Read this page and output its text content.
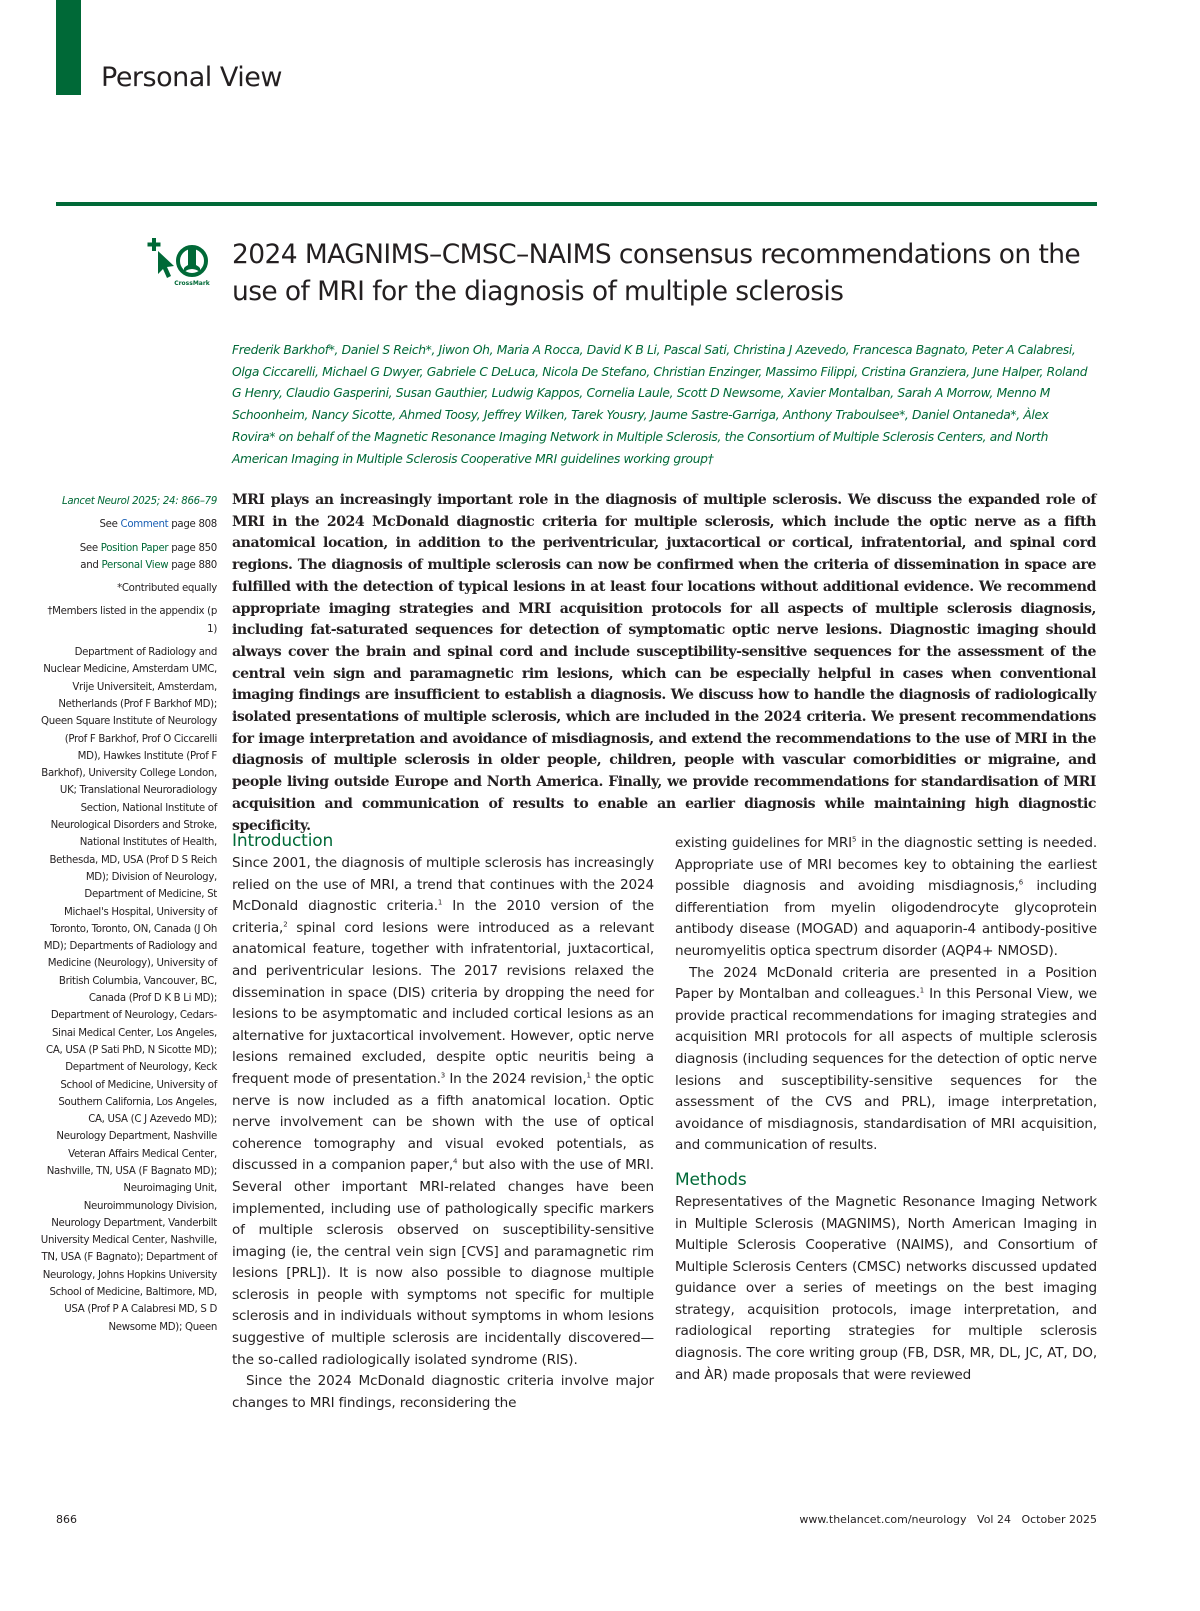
Personal View
CrossMark
2024 MAGNIMS–CMSC–NAIMS consensus recommendations on the use of MRI for the diagnosis of multiple sclerosis
Frederik Barkhof*, Daniel S Reich*, Jiwon Oh, Maria A Rocca, David K B Li, Pascal Sati, Christina J Azevedo, Francesca Bagnato, Peter A Calabresi, Olga Ciccarelli, Michael G Dwyer, Gabriele C DeLuca, Nicola De Stefano, Christian Enzinger, Massimo Filippi, Cristina Granziera, June Halper, Roland G Henry, Claudio Gasperini, Susan Gauthier, Ludwig Kappos, Cornelia Laule, Scott D Newsome, Xavier Montalban, Sarah A Morrow, Menno M Schoonheim, Nancy Sicotte, Ahmed Toosy, Jeffrey Wilken, Tarek Yousry, Jaume Sastre-Garriga, Anthony Traboulsee*, Daniel Ontaneda*, Àlex Rovira* on behalf of the Magnetic Resonance Imaging Network in Multiple Sclerosis, the Consortium of Multiple Sclerosis Centers, and North American Imaging in Multiple Sclerosis Cooperative MRI guidelines working group†

Lancet Neurol 2025; 24: 866–79

See Comment page 808

See Position Paper page 850

and Personal View page 880

*Contributed equally

†Members listed in the appendix (p 1)

Department of Radiology and Nuclear Medicine, Amsterdam UMC, Vrije Universiteit, Amsterdam, Netherlands (Prof F Barkhof MD); Queen Square Institute of Neurology (Prof F Barkhof, Prof O Ciccarelli MD), Hawkes Institute (Prof F Barkhof), University College London, UK; Translational Neuroradiology Section, National Institute of Neurological Disorders and Stroke, National Institutes of Health, Bethesda, MD, USA (Prof D S Reich MD); Division of Neurology, Department of Medicine, St Michael's Hospital, University of Toronto, Toronto, ON, Canada (J Oh MD); Departments of Radiology and Medicine (Neurology), University of British Columbia, Vancouver, BC, Canada (Prof D K B Li MD); Department of Neurology, Cedars-Sinai Medical Center, Los Angeles, CA, USA (P Sati PhD, N Sicotte MD); Department of Neurology, Keck School of Medicine, University of Southern California, Los Angeles, CA, USA (C J Azevedo MD); Neurology Department, Nashville Veteran Affairs Medical Center, Nashville, TN, USA (F Bagnato MD); Neuroimaging Unit, Neuroimmunology Division, Neurology Department, Vanderbilt University Medical Center, Nashville, TN, USA (F Bagnato); Department of Neurology, Johns Hopkins University School of Medicine, Baltimore, MD, USA (Prof P A Calabresi MD, S D Newsome MD); Queen

MRI plays an increasingly important role in the diagnosis of multiple sclerosis. We discuss the expanded role of MRI in the 2024 McDonald diagnostic criteria for multiple sclerosis, which include the optic nerve as a fifth anatomical location, in addition to the periventricular, juxtacortical or cortical, infratentorial, and spinal cord regions. The diagnosis of multiple sclerosis can now be confirmed when the criteria of dissemination in space are fulfilled with the detection of typical lesions in at least four locations without additional evidence. We recommend appropriate imaging strategies and MRI acquisition protocols for all aspects of multiple sclerosis diagnosis, including fat-saturated sequences for detection of symptomatic optic nerve lesions. Diagnostic imaging should always cover the brain and spinal cord and include susceptibility-sensitive sequences for the assessment of the central vein sign and paramagnetic rim lesions, which can be especially helpful in cases when conventional imaging findings are insufficient to establish a diagnosis. We discuss how to handle the diagnosis of radiologically isolated presentations of multiple sclerosis, which are included in the 2024 criteria. We present recommendations for image interpretation and avoidance of misdiagnosis, and extend the recommendations to the use of MRI in the diagnosis of multiple sclerosis in older people, children, people with vascular comorbidities or migraine, and people living outside Europe and North America. Finally, we provide recommendations for standardisation of MRI acquisition and communication of results to enable an earlier diagnosis while maintaining high diagnostic specificity.
Introduction

Since 2001, the diagnosis of multiple sclerosis has increasingly relied on the use of MRI, a trend that continues with the 2024 McDonald diagnostic criteria.$^1$ In the 2010 version of the criteria,$^2$ spinal cord lesions were introduced as a relevant anatomical feature, together with infratentorial, juxtacortical, and periventricular lesions. The 2017 revisions relaxed the dissemination in space (DIS) criteria by dropping the need for lesions to be asymptomatic and included cortical lesions as an alternative for juxtacortical involvement. However, optic nerve lesions remained excluded, despite optic neuritis being a frequent mode of presentation.$^3$ In the 2024 revision,$^1$ the optic nerve is now included as a fifth anatomical location. Optic nerve involvement can be shown with the use of optical coherence tomography and visual evoked potentials, as discussed in a companion paper,$^4$ but also with the use of MRI. Several other important MRI-related changes have been implemented, including use of pathologically specific markers of multiple sclerosis observed on susceptibility-sensitive imaging (ie, the central vein sign [CVS] and paramagnetic rim lesions [PRL]). It is now also possible to diagnose multiple sclerosis in people with symptoms not specific for multiple sclerosis and in individuals without symptoms in whom lesions suggestive of multiple sclerosis are incidentally discovered—the so-called radiologically isolated syndrome (RIS).

Since the 2024 McDonald diagnostic criteria involve major changes to MRI findings, reconsidering the

existing guidelines for MRI$^5$ in the diagnostic setting is needed. Appropriate use of MRI becomes key to obtaining the earliest possible diagnosis and avoiding misdiagnosis,$^6$ including differentiation from myelin oligodendrocyte glycoprotein antibody disease (MOGAD) and aquaporin-4 antibody-positive neuromyelitis optica spectrum disorder (AQP4+ NMOSD).

The 2024 McDonald criteria are presented in a Position Paper by Montalban and colleagues.$^1$ In this Personal View, we provide practical recommendations for imaging strategies and acquisition MRI protocols for all aspects of multiple sclerosis diagnosis (including sequences for the detection of optic nerve lesions and susceptibility-sensitive sequences for the assessment of the CVS and PRL), image interpretation, avoidance of misdiagnosis, standardisation of MRI acquisition, and communication of results.

Methods

Representatives of the Magnetic Resonance Imaging Network in Multiple Sclerosis (MAGNIMS), North American Imaging in Multiple Sclerosis Cooperative (NAIMS), and Consortium of Multiple Sclerosis Centers (CMSC) networks discussed updated guidance over a series of meetings on the best imaging strategy, acquisition protocols, image interpretation, and radiological reporting strategies for multiple sclerosis diagnosis. The core writing group (FB, DSR, MR, DL, JC, AT, DO, and ÀR) made proposals that were reviewed

866	www.thelancet.com/neurology   Vol 24   October 2025
